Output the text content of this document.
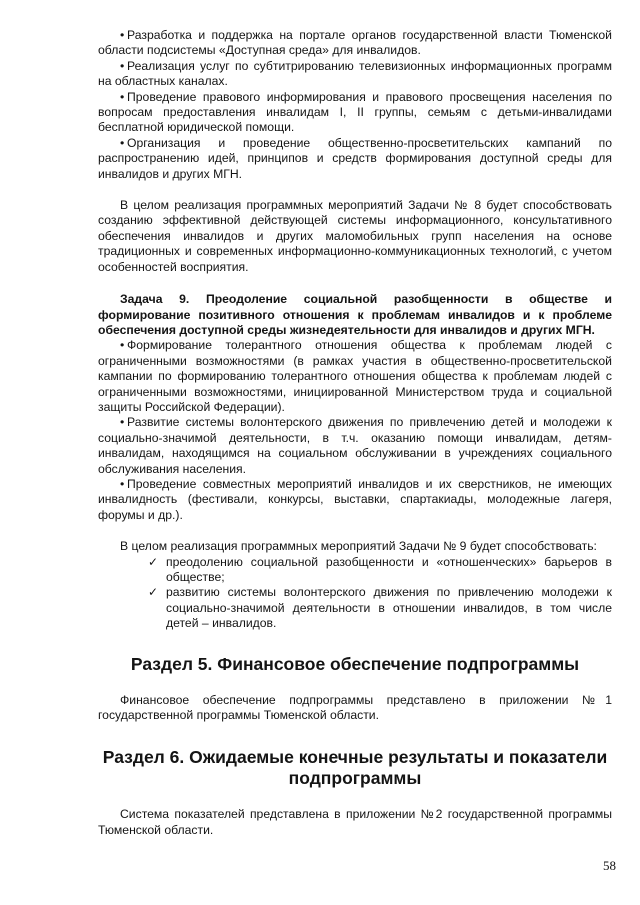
• Разработка и поддержка на портале органов государственной власти Тюменской области подсистемы «Доступная среда» для инвалидов.

• Реализация услуг по субтитрированию телевизионных информационных программ на областных каналах.

• Проведение правового информирования и правового просвещения населения по вопросам предоставления инвалидам I, II группы, семьям с детьми-инвалидами бесплатной юридической помощи.

• Организация и проведение общественно-просветительских кампаний по распространению идей, принципов и средств формирования доступной среды для инвалидов и других МГН.

В целом реализация программных мероприятий Задачи № 8 будет способствовать созданию эффективной действующей системы информационного, консультативного обеспечения инвалидов и других маломобильных групп населения на основе традиционных и современных информационно-коммуникационных технологий, с учетом особенностей восприятия.

Задача 9. Преодоление социальной разобщенности в обществе и формирование позитивного отношения к проблемам инвалидов и к проблеме обеспечения доступной среды жизнедеятельности для инвалидов и других МГН.

• Формирование толерантного отношения общества к проблемам людей с ограниченными возможностями (в рамках участия в общественно-просветительской кампании по формированию толерантного отношения общества к проблемам людей с ограниченными возможностями, инициированной Министерством труда и социальной защиты Российской Федерации).

• Развитие системы волонтерского движения по привлечению детей и молодежи к социально-значимой деятельности, в т.ч. оказанию помощи инвалидам, детям-инвалидам, находящимся на социальном обслуживании в учреждениях социального обслуживания населения.

• Проведение совместных мероприятий инвалидов и их сверстников, не имеющих инвалидность (фестивали, конкурсы, выставки, спартакиады, молодежные лагеря, форумы и др.).

В целом реализация программных мероприятий Задачи № 9 будет способствовать:

✓ преодолению социальной разобщенности и «отношенческих» барьеров в обществе;
✓ развитию системы волонтерского движения по привлечению молодежи к социально-значимой деятельности в отношении инвалидов, в том числе детей – инвалидов.
Раздел 5. Финансовое обеспечение подпрограммы

Финансовое обеспечение подпрограммы представлено в приложении №1 государственной программы Тюменской области.

Раздел 6. Ожидаемые конечные результаты и показатели подпрограммы

Система показателей представлена в приложении №2 государственной программы Тюменской области.

58
